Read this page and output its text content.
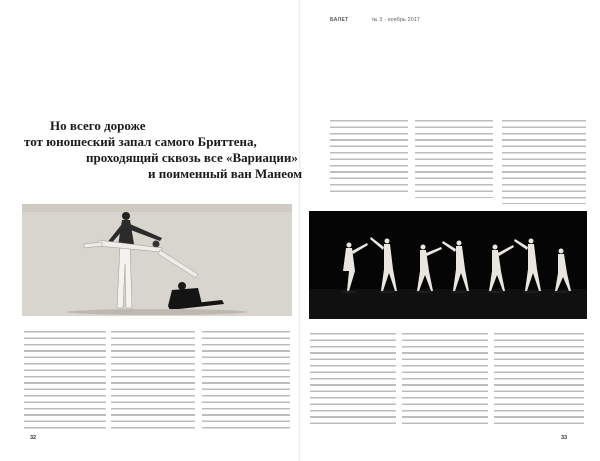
БАЛЕТ	№ 3 · ноябрь 2017
Но всего дороже
тот юношеский запал самого Бриттена,
проходящий сквозь все «Вариации»
и поименный ван Манеом
32	33
